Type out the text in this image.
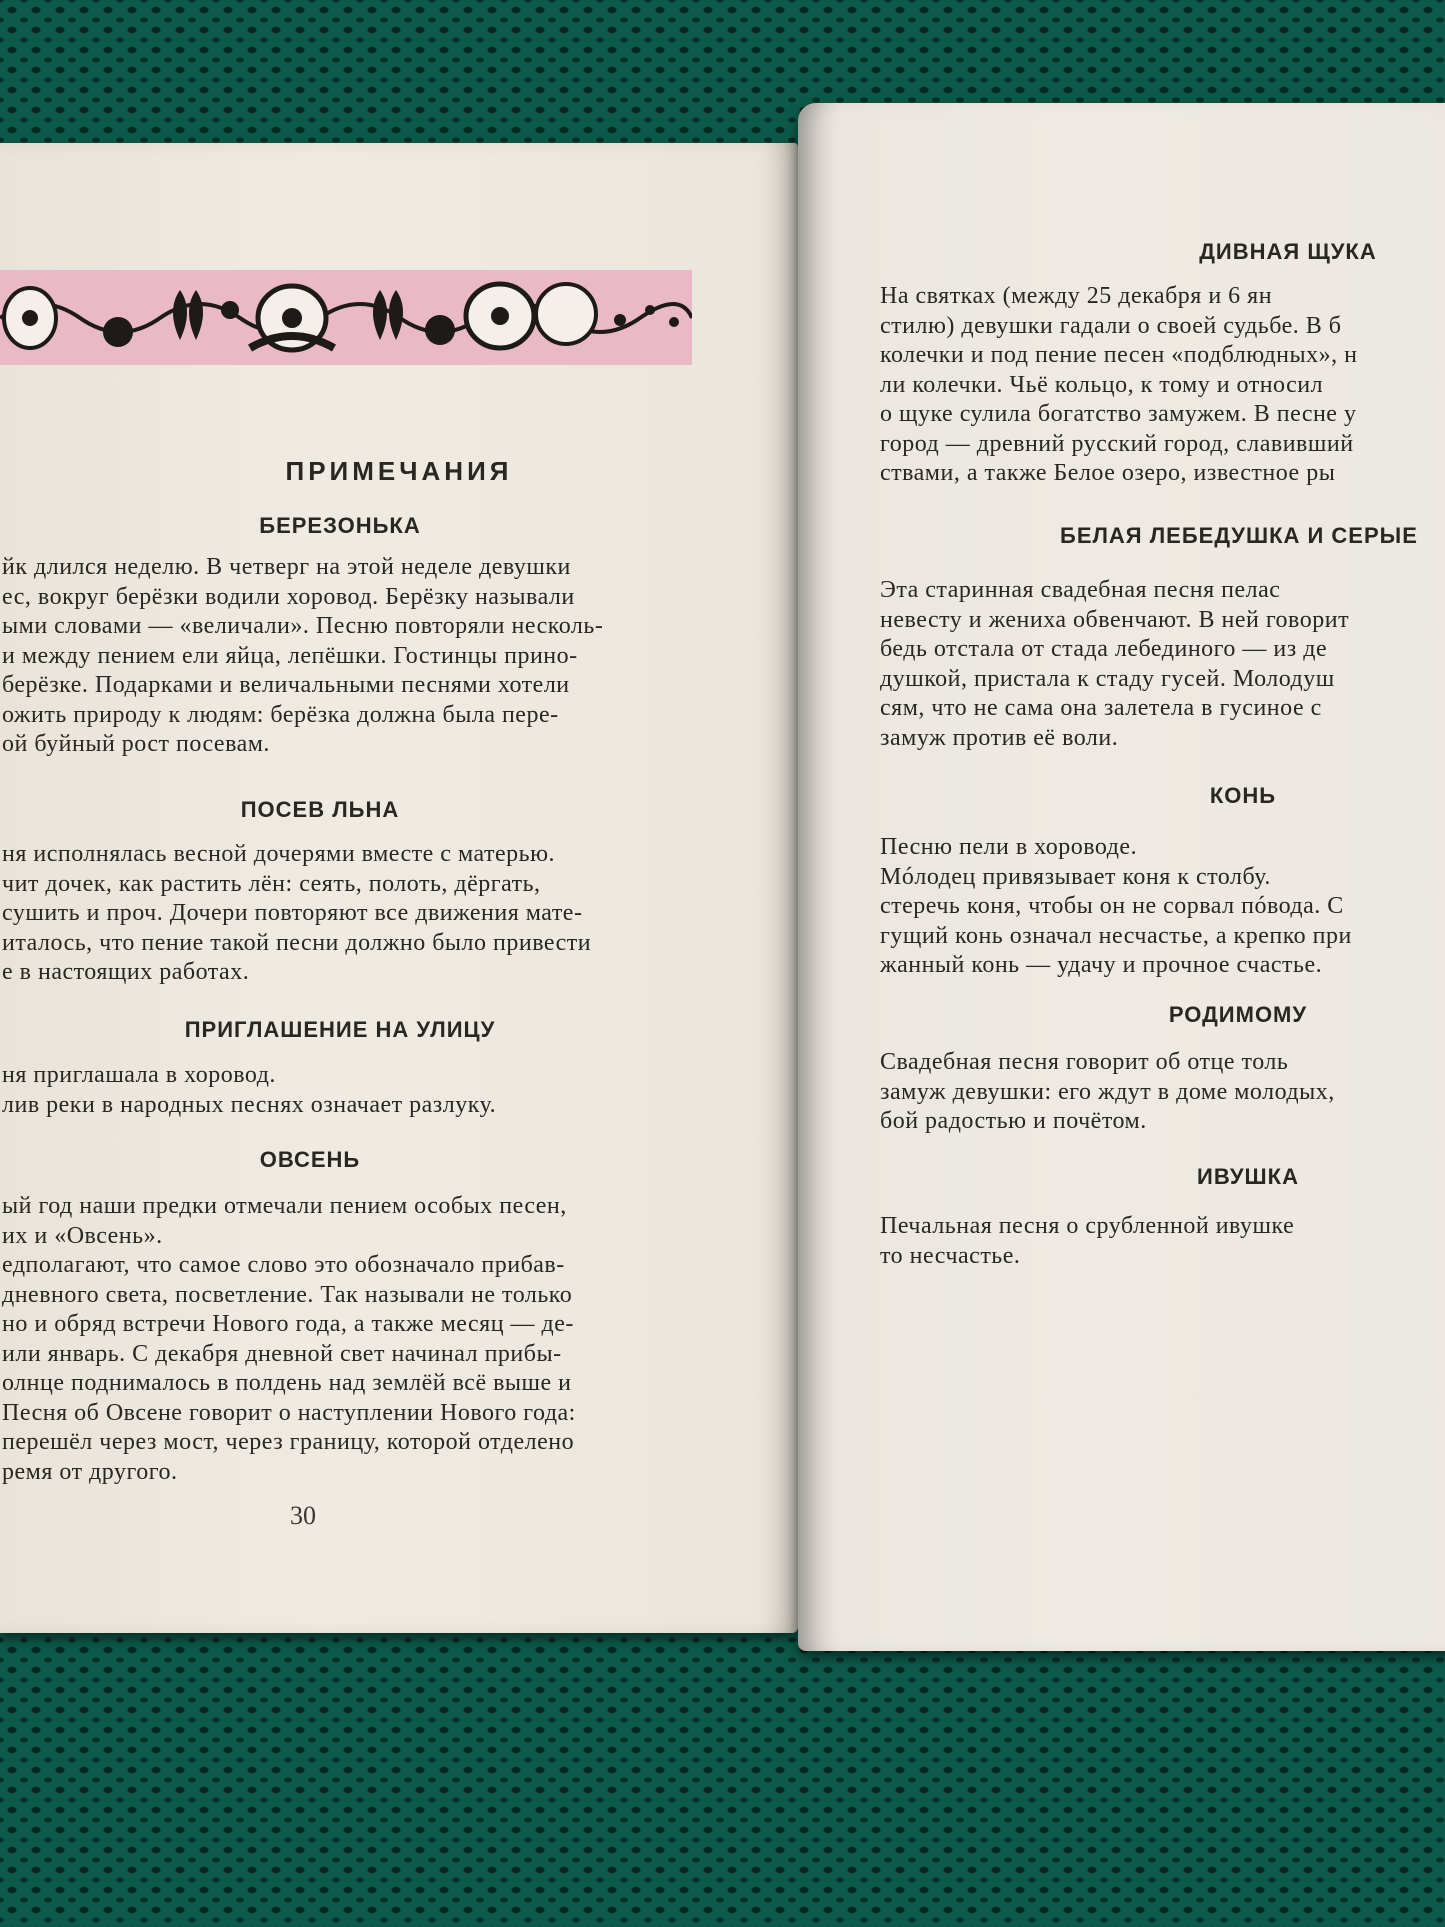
ПРИМЕЧАНИЯ
БЕРЕЗОНЬКА
йк длился неделю. В четверг на этой неделе девушки
ес, вокруг берёзки водили хоровод. Берёзку называли
ыми словами — «величали». Песню повторяли несколь-
и между пением ели яйца, лепёшки. Гостинцы прино-
берёзке. Подарками и величальными песнями хотели
ожить природу к людям: берёзка должна была пере-
ой буйный рост посевам.
ПОСЕВ ЛЬНА
ня исполнялась весной дочерями вместе с матерью.
чит дочек, как растить лён: сеять, полоть, дёргать,
сушить и проч. Дочери повторяют все движения мате-
италось, что пение такой песни должно было привести
е в настоящих работах.
ПРИГЛАШЕНИЕ НА УЛИЦУ
ня приглашала в хоровод.
лив реки в народных песнях означает разлуку.
ОВСЕНЬ
ый год наши предки отмечали пением особых песен,
их и «Овсень».
едполагают, что самое слово это обозначало прибав-
дневного света, посветление. Так называли не только
но и обряд встречи Нового года, а также месяц — де-
или январь. С декабря дневной свет начинал прибы-
олнце поднималось в полдень над землёй всё выше и
Песня об Овсене говорит о наступлении Нового года:
перешёл через мост, через границу, которой отделено
ремя от другого.

30

ДИВНАЯ ЩУКА
На святках (между 25 декабря и 6 ян
стилю) девушки гадали о своей судьбе. В б
колечки и под пение песен «подблюдных», н
ли колечки. Чьё кольцо, к тому и относил
о щуке сулила богатство замужем. В песне у
город — древний русский город, славивший
ствами, а также Белое озеро, известное ры
БЕЛАЯ ЛЕБЕДУШКА И СЕРЫЕ
Эта старинная свадебная песня пелас
невесту и жениха обвенчают. В ней говорит
бедь отстала от стада лебединого — из де
душкой, пристала к стаду гусей. Молодуш
сям, что не сама она залетела в гусиное с
замуж против её воли.
КОНЬ
Песню пели в хороводе.
Мóлодец привязывает коня к столбу.
стеречь коня, чтобы он не сорвал пóвода. С
гущий конь означал несчастье, а крепко при
жанный конь — удачу и прочное счастье.
РОДИМОМУ
Свадебная песня говорит об отце толь
замуж девушки: его ждут в доме молодых,
бой радостью и почётом.
ИВУШКА
Печальная песня о срубленной ивушке
то несчастье.
